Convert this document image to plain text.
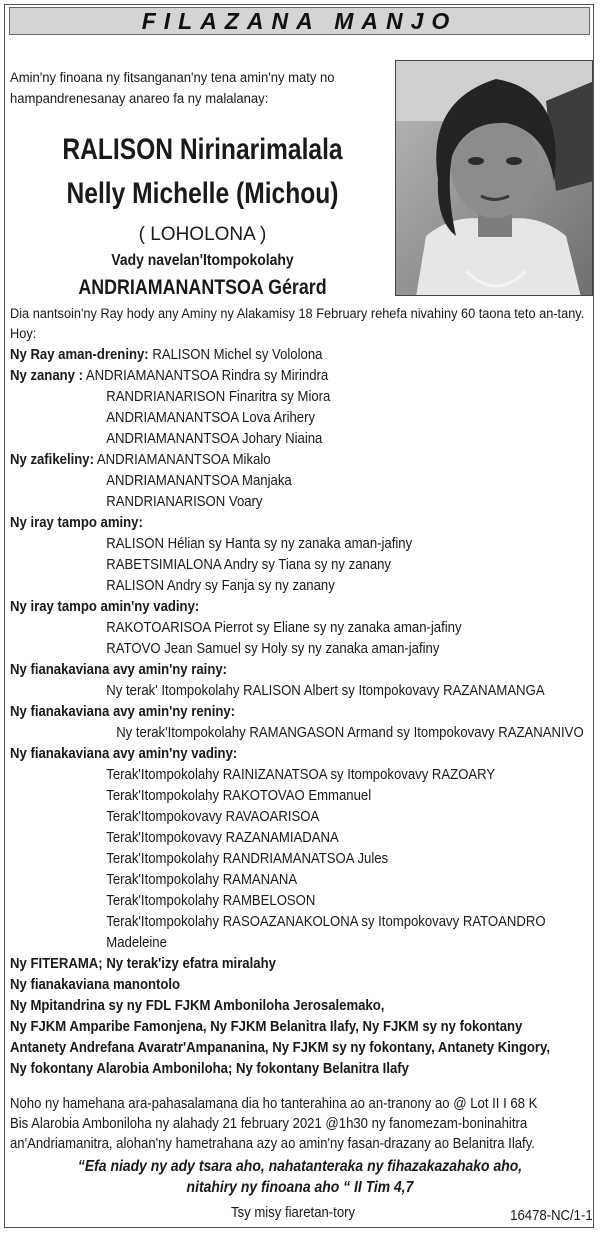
FILAZANA MANJO
Amin'ny finoana ny fitsanganan'ny tena amin'ny maty no hampandrenesanay anareo fa ny malalanay:
RALISON Nirinarimalala
Nelly Michelle (Michou)
( LOHOLONA )
Vady navelan'Itompokolahy
ANDRIAMANANTSOA Gérard
Dia nantsoin'ny Ray hody any Aminy ny Alakamisy 18 February rehefa nivahiny 60 taona teto an-tany.
Hoy:
Ny Ray aman-dreniny: RALISON Michel sy Vololona
Ny zanany : ANDRIAMANANTSOA Rindra sy Mirindra
RANDRIANARISON Finaritra sy Miora
ANDRIAMANANTSOA Lova Arihery
ANDRIAMANANTSOA Johary Niaina
Ny zafikeliny: ANDRIAMANANTSOA Mikalo
ANDRIAMANANTSOA Manjaka
RANDRIANARISON Voary
Ny iray tampo aminy:
RALISON Hélian sy Hanta sy ny zanaka aman-jafiny
RABETSIMIALONA Andry sy Tiana sy ny zanany
RALISON Andry sy Fanja sy ny zanany
Ny iray tampo amin'ny vadiny:
RAKOTOARISOA Pierrot sy Eliane sy ny zanaka aman-jafiny
RATOVO Jean Samuel sy Holy sy ny zanaka aman-jafiny
Ny fianakaviana avy amin'ny rainy:
Ny terak' Itompokolahy RALISON Albert sy Itompokovavy RAZANAMANGA
Ny fianakaviana avy amin'ny reniny:
Ny terak'Itompokolahy RAMANGASON Armand sy Itompokovavy RAZANANIVO
Ny fianakaviana avy amin'ny vadiny:
Terak'Itompokolahy RAINIZANATSOA sy Itompokovavy RAZOARY
Terak'Itompokolahy RAKOTOVAO Emmanuel
Terak'Itompokovavy RAVAOARISOA
Terak'Itompokovavy RAZANAMIADANA
Terak'Itompokolahy RANDRIAMANATSOA Jules
Terak'Itompokolahy RAMANANA
Terak'Itompokolahy RAMBELOSON
Terak'Itompokolahy RASOAZANAKOLONA sy Itompokovavy RATOANDRO
Madeleine
Ny FITERAMA; Ny terak'izy efatra miralahy
Ny fianakaviana manontolo
Ny Mpitandrina sy ny FDL FJKM Amboniloha Jerosalemako,
Ny FJKM Amparibe Famonjena, Ny FJKM Belanitra Ilafy, Ny FJKM sy ny fokontany
Antanety Andrefana Avaratr'Ampananina, Ny FJKM sy ny fokontany, Antanety Kingory,
Ny fokontany Alarobia Amboniloha; Ny fokontany Belanitra Ilafy
Noho ny hamehana ara-pahasalamana dia ho tanterahina ao an-tranony ao @ Lot II I 68 K
Bis Alarobia Amboniloha ny alahady 21 february 2021 @1h30 ny fanomezam-boninahitra
an'Andriamanitra, alohan'ny hametrahana azy ao amin'ny fasan-drazany ao Belanitra Ilafy.
“Efa niady ny ady tsara aho, nahatanteraka ny fihazakazahako aho,
nitahiry ny finoana aho “ II Tim 4,7
Tsy misy fiaretan-tory	16478-NC/1-1
